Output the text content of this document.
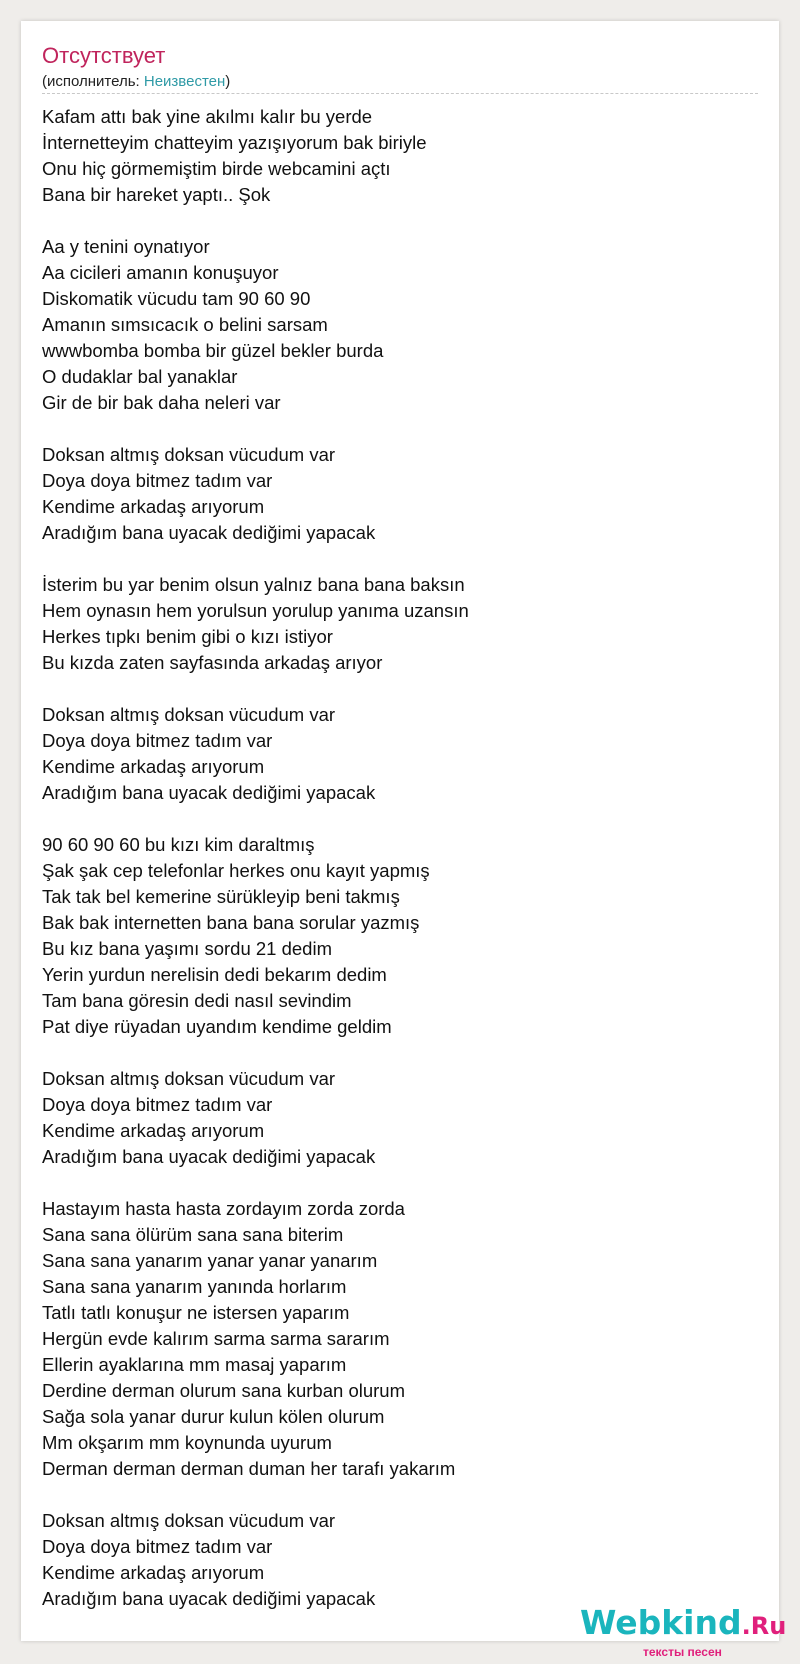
Отсутствует
(исполнитель: Неизвестен)
Kafam attı bak yine akılmı kalır bu yerde
İnternetteyim chatteyim yazışıyorum bak biriyle
Onu hiç görmemiştim birde webcamini açtı
Bana bir hareket yaptı.. Şok
Aa y tenini oynatıyor
Aa cicileri amanın konuşuyor
Diskomatik vücudu tam 90 60 90
Amanın sımsıcacık o belini sarsam
wwwbomba bomba bir güzel bekler burda
O dudaklar bal yanaklar
Gir de bir bak daha neleri var
Doksan altmış doksan vücudum var
Doya doya bitmez tadım var
Kendime arkadaş arıyorum
Aradığım bana uyacak dediğimi yapacak
İsterim bu yar benim olsun yalnız bana bana baksın
Hem oynasın hem yorulsun yorulup yanıma uzansın
Herkes tıpkı benim gibi o kızı istiyor
Bu kızda zaten sayfasında arkadaş arıyor
Doksan altmış doksan vücudum var
Doya doya bitmez tadım var
Kendime arkadaş arıyorum
Aradığım bana uyacak dediğimi yapacak
90 60 90 60 bu kızı kim daraltmış
Şak şak cep telefonlar herkes onu kayıt yapmış
Tak tak bel kemerine sürükleyip beni takmış
Bak bak internetten bana bana sorular yazmış
Bu kız bana yaşımı sordu 21 dedim
Yerin yurdun nerelisin dedi bekarım dedim
Tam bana göresin dedi nasıl sevindim
Pat diye rüyadan uyandım kendime geldim
Doksan altmış doksan vücudum var
Doya doya bitmez tadım var
Kendime arkadaş arıyorum
Aradığım bana uyacak dediğimi yapacak
Hastayım hasta hasta zordayım zorda zorda
Sana sana ölürüm sana sana biterim
Sana sana yanarım yanar yanar yanarım
Sana sana yanarım yanında horlarım
Tatlı tatlı konuşur ne istersen yaparım
Hergün evde kalırım sarma sarma sararım
Ellerin ayaklarına mm masaj yaparım
Derdine derman olurum sana kurban olurum
Sağa sola yanar durur kulun kölen olurum
Mm okşarım mm koynunda uyurum
Derman derman derman duman her tarafı yakarım
Doksan altmış doksan vücudum var
Doya doya bitmez tadım var
Kendime arkadaş arıyorum
Aradığım bana uyacak dediğimi yapacak
Webkind.Ru
тексты песен
